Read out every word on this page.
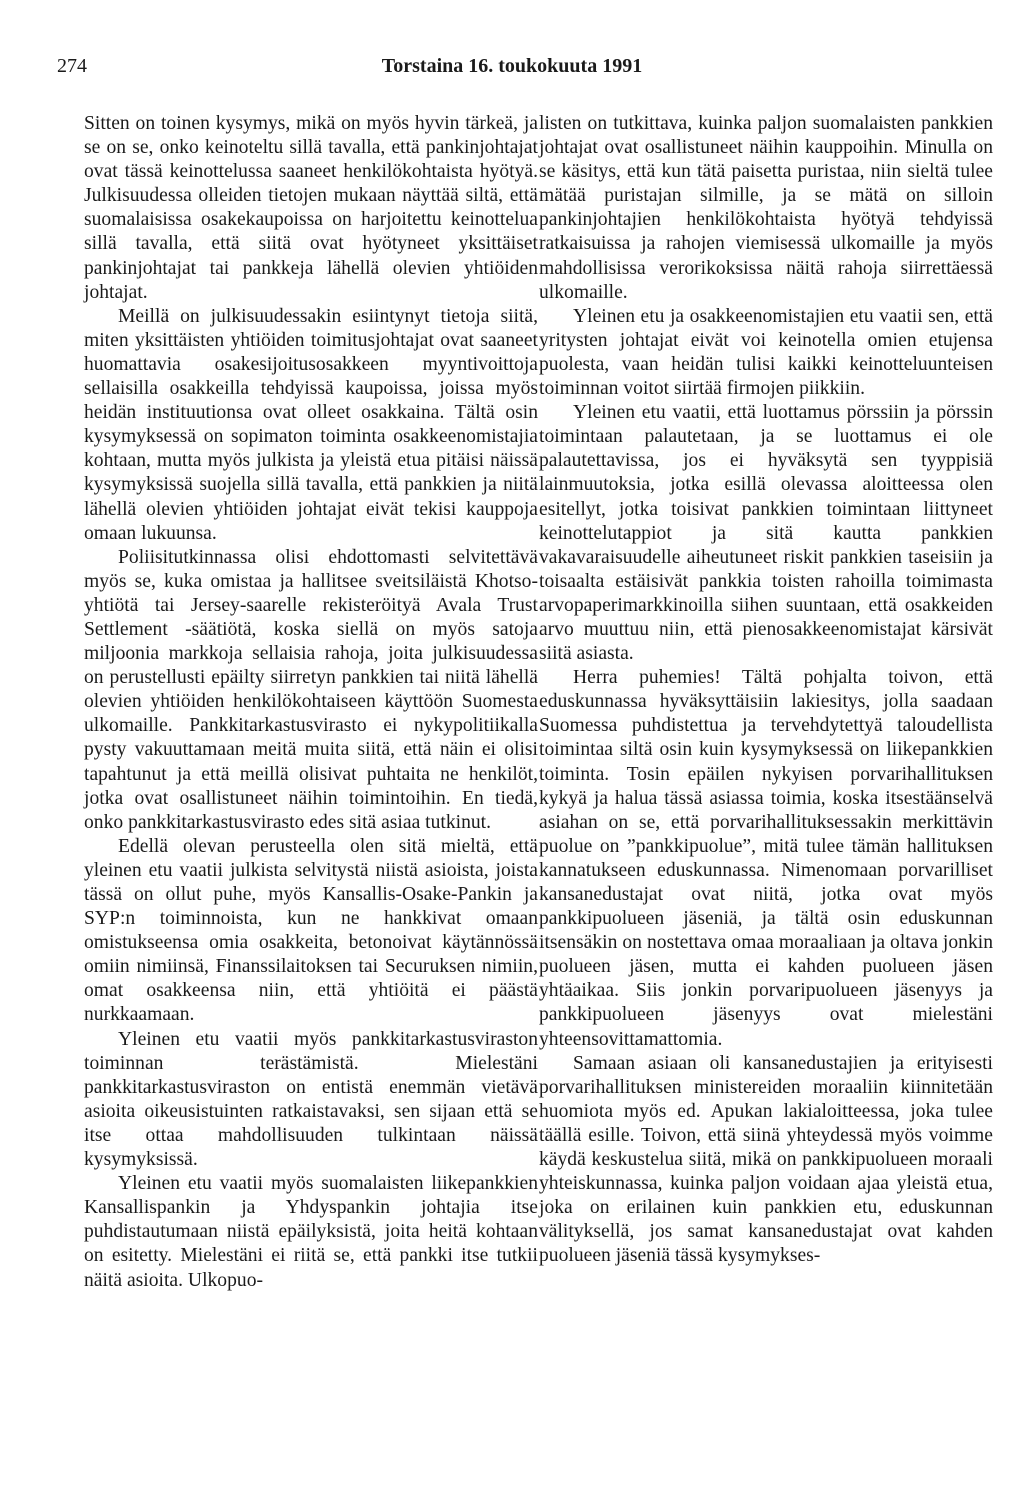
274	Torstaina 16. toukokuuta 1991

Sitten on toinen kysymys, mikä on myös hyvin tärkeä, ja se on se, onko keinoteltu sillä tavalla, että pankinjohtajat ovat tässä keinottelussa saaneet henkilökohtaista hyötyä. Julkisuudessa olleiden tietojen mukaan näyttää siltä, että suomalaisissa osakekaupoissa on harjoitettu keinottelua sillä tavalla, että siitä ovat hyötyneet yksittäiset pankinjohtajat tai pankkeja lähellä olevien yhtiöiden johtajat.

Meillä on julkisuudessakin esiintynyt tietoja siitä, miten yksittäisten yhtiöiden toimitusjohtajat ovat saaneet huomattavia osakesijoitusosakkeen myyntivoittoja sellaisilla osakkeilla tehdyissä kaupoissa, joissa myös heidän instituutionsa ovat olleet osakkaina. Tältä osin kysymyksessä on sopimaton toiminta osakkeenomistajia kohtaan, mutta myös julkista ja yleistä etua pitäisi näissä kysymyksissä suojella sillä tavalla, että pankkien ja niitä lähellä olevien yhtiöiden johtajat eivät tekisi kauppoja omaan lukuunsa.

Poliisitutkinnassa olisi ehdottomasti selvitettävä myös se, kuka omistaa ja hallitsee sveitsiläistä Khotso-yhtiötä tai Jersey-saarelle rekisteröityä Avala Trust Settlement -säätiötä, koska siellä on myös satoja miljoonia markkoja sellaisia rahoja, joita julkisuudessa on perustellusti epäilty siirretyn pankkien tai niitä lähellä olevien yhtiöiden henkilökohtaiseen käyttöön Suomesta ulkomaille. Pankkitarkastusvirasto ei nykypolitiikalla pysty vakuuttamaan meitä muita siitä, että näin ei olisi tapahtunut ja että meillä olisivat puhtaita ne henkilöt, jotka ovat osallistuneet näihin toimintoihin. En tiedä, onko pankkitarkastusvirasto edes sitä asiaa tutkinut.

Edellä olevan perusteella olen sitä mieltä, että yleinen etu vaatii julkista selvitystä niistä asioista, joista tässä on ollut puhe, myös Kansallis-Osake-Pankin ja SYP:n toiminnoista, kun ne hankkivat omaan omistukseensa omia osakkeita, betonoivat käytännössä omiin nimiinsä, Finanssilaitoksen tai Securuksen nimiin, omat osakkeensa niin, että yhtiöitä ei päästä nurkkaamaan.

Yleinen etu vaatii myös pankkitarkastusviraston toiminnan terästämistä. Mielestäni pankkitarkastusviraston on entistä enemmän vietävä asioita oikeusistuinten ratkaistavaksi, sen sijaan että se itse ottaa mahdollisuuden tulkintaan näissä kysymyksissä.

Yleinen etu vaatii myös suomalaisten liikepankkien Kansallispankin ja Yhdyspankin johtajia itse puhdistautumaan niistä epäilyksistä, joita heitä kohtaan on esitetty. Mielestäni ei riitä se, että pankki itse tutkii näitä asioita. Ulkopuo-

listen on tutkittava, kuinka paljon suomalaisten pankkien johtajat ovat osallistuneet näihin kauppoihin. Minulla on se käsitys, että kun tätä paisetta puristaa, niin sieltä tulee mätää puristajan silmille, ja se mätä on silloin pankinjohtajien henkilökohtaista hyötyä tehdyissä ratkaisuissa ja rahojen viemisessä ulkomaille ja myös mahdollisissa verorikoksissa näitä rahoja siirrettäessä ulkomaille.

Yleinen etu ja osakkeenomistajien etu vaatii sen, että yritysten johtajat eivät voi keinotella omien etujensa puolesta, vaan heidän tulisi kaikki keinotteluunteisen toiminnan voitot siirtää firmojen piikkiin.

Yleinen etu vaatii, että luottamus pörssiin ja pörssin toimintaan palautetaan, ja se luottamus ei ole palautettavissa, jos ei hyväksytä sen tyyppisiä lainmuutoksia, jotka esillä olevassa aloitteessa olen esitellyt, jotka toisivat pankkien toimintaan liittyneet keinottelutappiot ja sitä kautta pankkien vakavaraisuudelle aiheutuneet riskit pankkien taseisiin ja toisaalta estäisivät pankkia toisten rahoilla toimimasta arvopaperimarkkinoilla siihen suuntaan, että osakkeiden arvo muuttuu niin, että pienosakkeenomistajat kärsivät siitä asiasta.

Herra puhemies! Tältä pohjalta toivon, että eduskunnassa hyväksyttäisiin lakiesitys, jolla saadaan Suomessa puhdistettua ja tervehdytettyä taloudellista toimintaa siltä osin kuin kysymyksessä on liikepankkien toiminta. Tosin epäilen nykyisen porvarihallituksen kykyä ja halua tässä asiassa toimia, koska itsestäänselvä asiahan on se, että porvarihallituksessakin merkittävin puolue on ”pankkipuolue”, mitä tulee tämän hallituksen kannatukseen eduskunnassa. Nimenomaan porvarilliset kansanedustajat ovat niitä, jotka ovat myös pankkipuolueen jäseniä, ja tältä osin eduskunnan itsensäkin on nostettava omaa moraaliaan ja oltava jonkin puolueen jäsen, mutta ei kahden puolueen jäsen yhtäaikaa. Siis jonkin porvaripuolueen jäsenyys ja pankkipuolueen jäsenyys ovat mielestäni yhteensovittamattomia.

Samaan asiaan oli kansanedustajien ja erityisesti porvarihallituksen ministereiden moraaliin kiinnitetään huomiota myös ed. Apukan lakialoitteessa, joka tulee täällä esille. Toivon, että siinä yhteydessä myös voimme käydä keskustelua siitä, mikä on pankkipuolueen moraali yhteiskunnassa, kuinka paljon voidaan ajaa yleistä etua, joka on erilainen kuin pankkien etu, eduskunnan välityksellä, jos samat kansanedustajat ovat kahden puolueen jäseniä tässä kysymykses-
